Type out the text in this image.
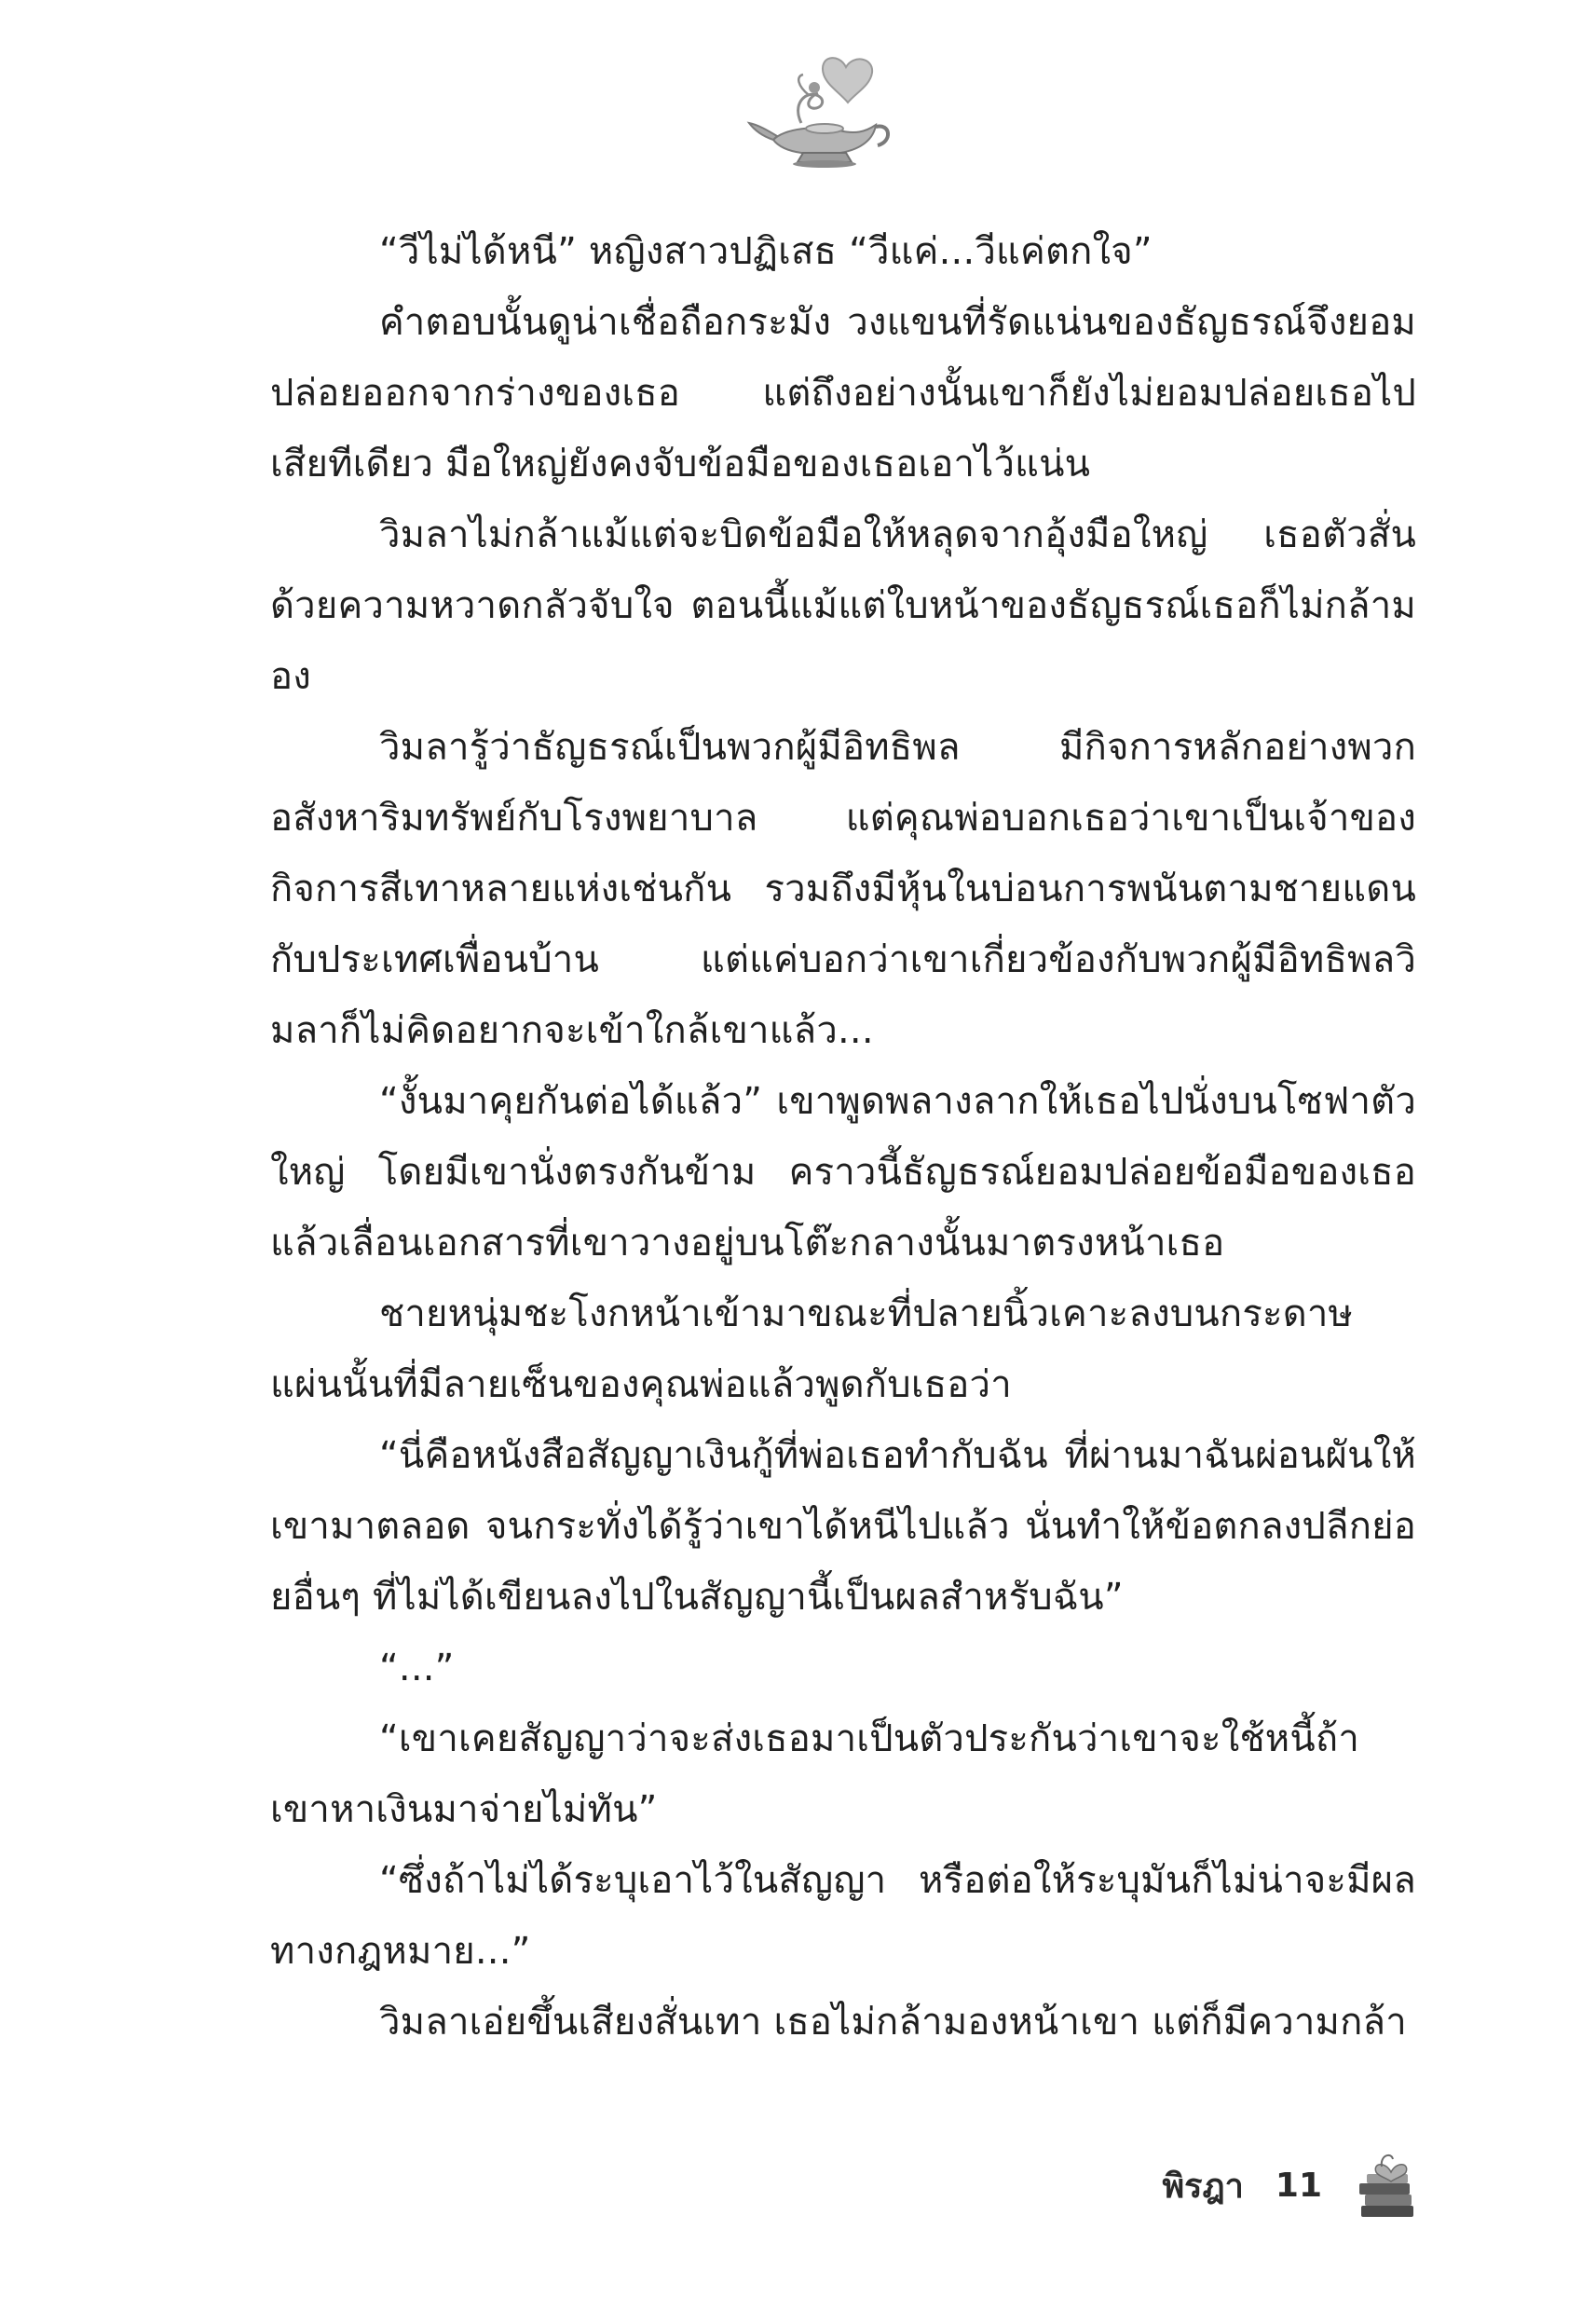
“วีไม่ได้หนี” หญิงสาวปฏิเสธ “วีแค่...วีแค่ตกใจ”

คำตอบนั้นดูน่าเชื่อถือกระมัง วงแขนที่รัดแน่นของธัญธรณ์จึงยอมปล่อยออกจากร่างของเธอ แต่ถึงอย่างนั้นเขาก็ยังไม่ยอมปล่อยเธอไปเสียทีเดียว มือใหญ่ยังคงจับข้อมือของเธอเอาไว้แน่น

วิมลาไม่กล้าแม้แต่จะบิดข้อมือให้หลุดจากอุ้งมือใหญ่ เธอตัวสั่นด้วยความหวาดกลัวจับใจ ตอนนี้แม้แต่ใบหน้าของธัญธรณ์เธอก็ไม่กล้ามอง

วิมลารู้ว่าธัญธรณ์เป็นพวกผู้มีอิทธิพล มีกิจการหลักอย่างพวกอสังหาริมทรัพย์กับโรงพยาบาล แต่คุณพ่อบอกเธอว่าเขาเป็นเจ้าของกิจการสีเทาหลายแห่งเช่นกัน รวมถึงมีหุ้นในบ่อนการพนันตามชายแดนกับประเทศเพื่อนบ้าน แต่แค่บอกว่าเขาเกี่ยวข้องกับพวกผู้มีอิทธิพลวิมลาก็ไม่คิดอยากจะเข้าใกล้เขาแล้ว...

“งั้นมาคุยกันต่อได้แล้ว” เขาพูดพลางลากให้เธอไปนั่งบนโซฟาตัวใหญ่ โดยมีเขานั่งตรงกันข้าม คราวนี้ธัญธรณ์ยอมปล่อยข้อมือของเธอแล้วเลื่อนเอกสารที่เขาวางอยู่บนโต๊ะกลางนั้นมาตรงหน้าเธอ

ชายหนุ่มชะโงกหน้าเข้ามาขณะที่ปลายนิ้วเคาะลงบนกระดาษแผ่นนั้นที่มีลายเซ็นของคุณพ่อแล้วพูดกับเธอว่า

“นี่คือหนังสือสัญญาเงินกู้ที่พ่อเธอทำกับฉัน ที่ผ่านมาฉันผ่อนผันให้เขามาตลอด จนกระทั่งได้รู้ว่าเขาได้หนีไปแล้ว นั่นทำให้ข้อตกลงปลีกย่อยอื่นๆ ที่ไม่ได้เขียนลงไปในสัญญานี้เป็นผลสำหรับฉัน”

“...”

“เขาเคยสัญญาว่าจะส่งเธอมาเป็นตัวประกันว่าเขาจะใช้หนี้ถ้าเขาหาเงินมาจ่ายไม่ทัน”

“ซึ่งถ้าไม่ได้ระบุเอาไว้ในสัญญา หรือต่อให้ระบุมันก็ไม่น่าจะมีผลทางกฎหมาย...”

วิมลาเอ่ยขึ้นเสียงสั่นเทา เธอไม่กล้ามองหน้าเขา แต่ก็มีความกล้า

พิรฎา 11
